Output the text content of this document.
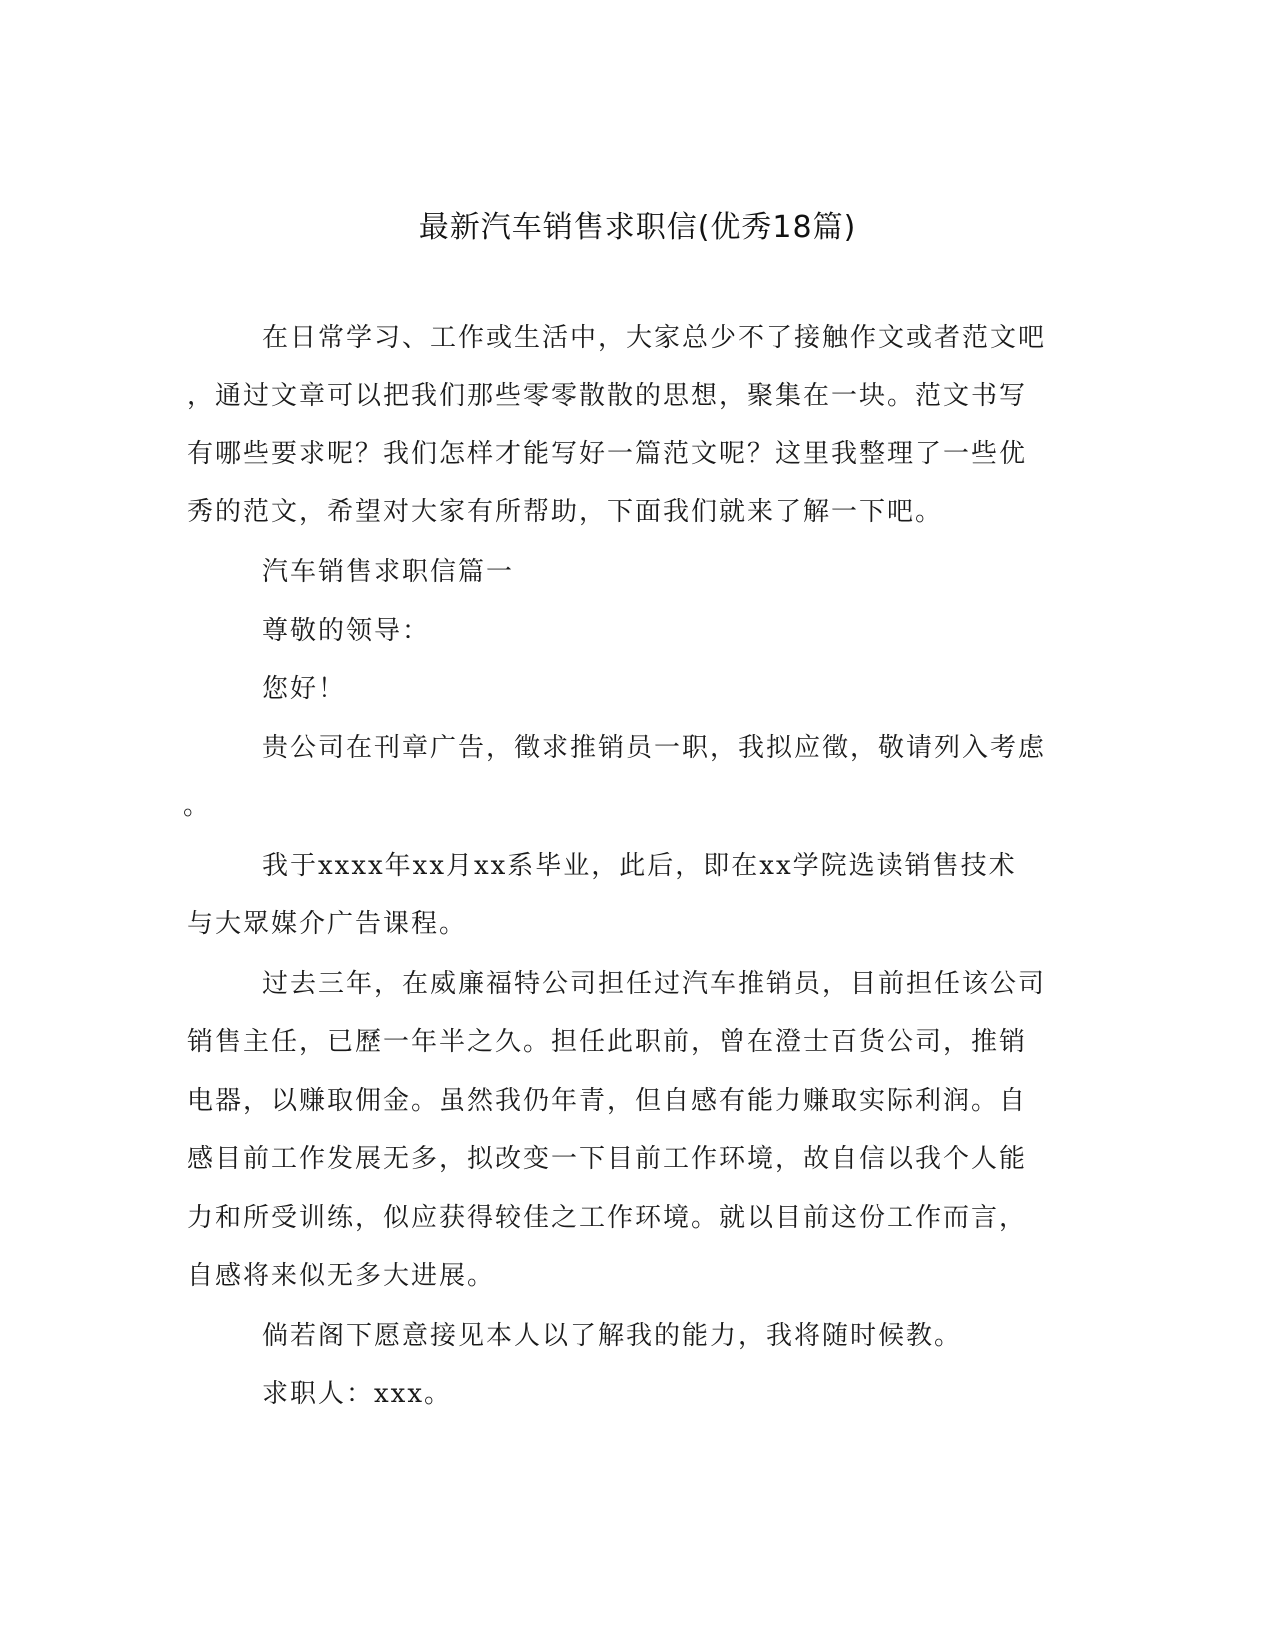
最新汽车销售求职信(优秀18篇)
在日常学习、工作或生活中，大家总少不了接触作文或者范文吧
，通过文章可以把我们那些零零散散的思想，聚集在一块。范文书写
有哪些要求呢？我们怎样才能写好一篇范文呢？这里我整理了一些优
秀的范文，希望对大家有所帮助，下面我们就来了解一下吧。
汽车销售求职信篇一
尊敬的领导：
您好！
贵公司在刊章广告，徵求推销员一职，我拟应徵，敬请列入考虑
。
我于xxxx年xx月xx系毕业，此后，即在xx学院选读销售技术
与大眾媒介广告课程。
过去三年，在威廉福特公司担任过汽车推销员，目前担任该公司
销售主任，已歷一年半之久。担任此职前，曾在澄士百货公司，推销
电器，以赚取佣金。虽然我仍年青，但自感有能力赚取实际利润。自
感目前工作发展无多，拟改变一下目前工作环境，故自信以我个人能
力和所受训练，似应获得较佳之工作环境。就以目前这份工作而言，
自感将来似无多大进展。
倘若阁下愿意接见本人以了解我的能力，我将随时候教。
求职人：xxx。
